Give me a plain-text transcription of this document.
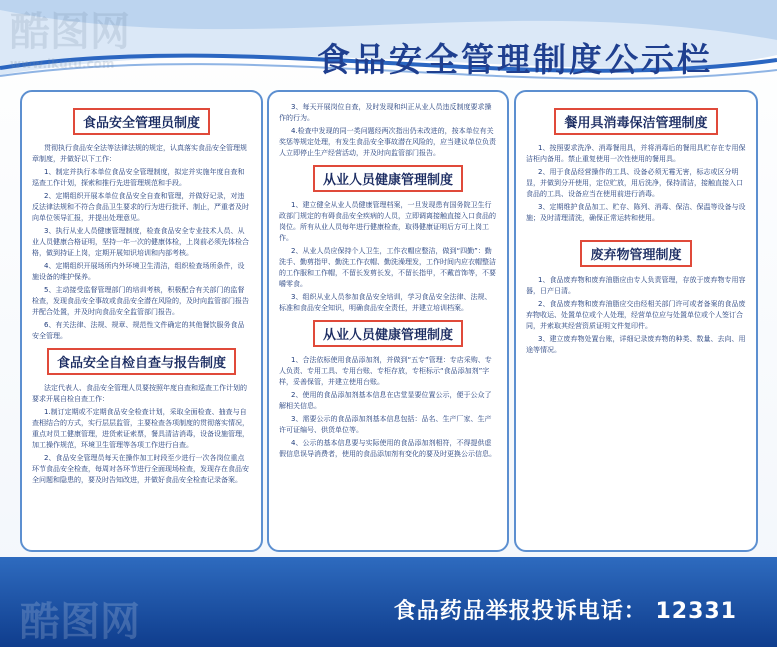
酷图网
www.ikutu.com	食品安全管理制度公示栏
食品安全管理员制度

贯彻执行食品安全法等法律法规的规定，认真落实食品安全管理规章制度，并做好以下工作：

1、制定并执行本单位食品安全管理制度，拟定并实施年度自查和巡查工作计划，探索和推行先进管理规范和手段。

2、定期组织开展本单位食品安全自查和管理，并做好记录，对违反法律法规和不符合食品卫生要求的行为进行批评、制止，严重者及时向单位领导汇报，并提出处理意见。

3、执行从业人员健康管理制度，检查食品安全专业技术人员、从业人员健康合格证明，坚持一年一次的健康体检，上岗前必须先体检合格，做到持证上岗，定期开展知识培训和内部考核。

4、定期组织开展场所内外环境卫生清洁，组织检查场所条件，设施设备的维护保养。

5、主动接受监督管理部门的培训考核，积极配合有关部门的监督检查，发现食品安全事故或食品安全潜在风险的，及时向监管部门报告并配合处置，并及时向食品安全监管部门报告。

6、有关法律、法规、规章、规范性文件确定的其他餐饮服务食品安全管理。

食品安全自检自查与报告制度

法定代表人、食品安全管理人员要按照年度自查和巡查工作计划的要求开展自检自查工作：

1.制订定期或不定期食品安全检查计划，采取全面检查、抽查与自查相结合的方式，实行层层监管，主要检查各项制度的贯彻落实情况，重点对员工健康管理，进货索证索票，餐具清洁消毒，设备设施管理，加工操作规范，环境卫生管理等各项工作进行自查。

2、食品安全管理员每天在操作加工时段至少进行一次各岗位重点环节食品安全检查，每周对各环节进行全面现场检查，发现存在食品安全问题和隐患的，要及时告知改进，并做好食品安全检查记录备案。

3、每天开展岗位自查，及时发现和纠正从业人员违反制度要求操作的行为。

4.检查中发现的同一类问题经两次指出仍未改进的，按本单位有关奖惩等规定处理，有发生食品安全事故潜在风险的，应当建议单位负责人立即停止生产经营活动，并及时向监管部门报告。

从业人员健康管理制度

1、建立健全从业人员健康管理档案，一旦发现患有国务院卫生行政部门规定的有碍食品安全疾病的人员，立即调离接触直接入口食品的岗位。所有从业人员每年进行健康检查，取得健康证明后方可上岗工作。

2、从业人员应保持个人卫生，工作衣帽应整洁，做到“四勤”：勤洗手、勤剪指甲、勤洗工作衣帽、勤洗澡理发，工作时间内应衣帽整洁的工作服和工作帽，不留长发剪长发，不留长指甲，不戴首饰等，不要嚼零食。

3、组织从业人员参加食品安全培训，学习食品安全法律、法规、标准和食品安全知识，明确食品安全责任，并建立培训档案。

从业人员健康管理制度

1、合法依标使用食品添加剂，并做到“五专”管理：专店采购、专人负责、专用工具、专用台账、专柜存放，专柜标示“食品添加剂”字样，妥善保管，并建立使用台账。

2、使用的食品添加剂基本信息在店堂显要位置公示，便于公众了解相关信息。

3、需要公示的食品添加剂基本信息包括：品名、生产厂家、生产许可证编号、供货单位等。

4、公示的基本信息要与实际使用的食品添加剂相符，不得提供虚假信息误导消费者，使用的食品添加剂有变化的要及时更换公示信息。

餐用具消毒保洁管理制度

1、按照要求洗净、消毒餐用具，并将消毒后的餐用具贮存在专用保洁柜内备用。禁止重复使用一次性使用的餐用具。

2、用于食品经营操作的工具、设备必须无霉无害，标志或区分明显，并做到分开使用，定位贮放，用后洗净，保持清洁，接触直接入口食品的工具、设备应当在使用前进行消毒。

3、定期维护食品加工、贮存、陈列、消毒、保洁、保温等设备与设施；及时清理清洗，确保正常运转和使用。

废弃物管理制度

1、食品废弃物和废弃油脂应由专人负责管理，存放于废弃物专用容器，日产日清。

2、食品废弃物和废弃油脂应交由经相关部门许可或者备案的食品废弃物收运、处置单位或个人处理，经营单位应与处置单位或个人签订合同，并索取其经营资质证明文件复印件。

3、建立废弃物处置台账，详细记录废弃物的种类、数量、去向、用途等情况。

酷图网	食品药品举报投诉电话： 12331
